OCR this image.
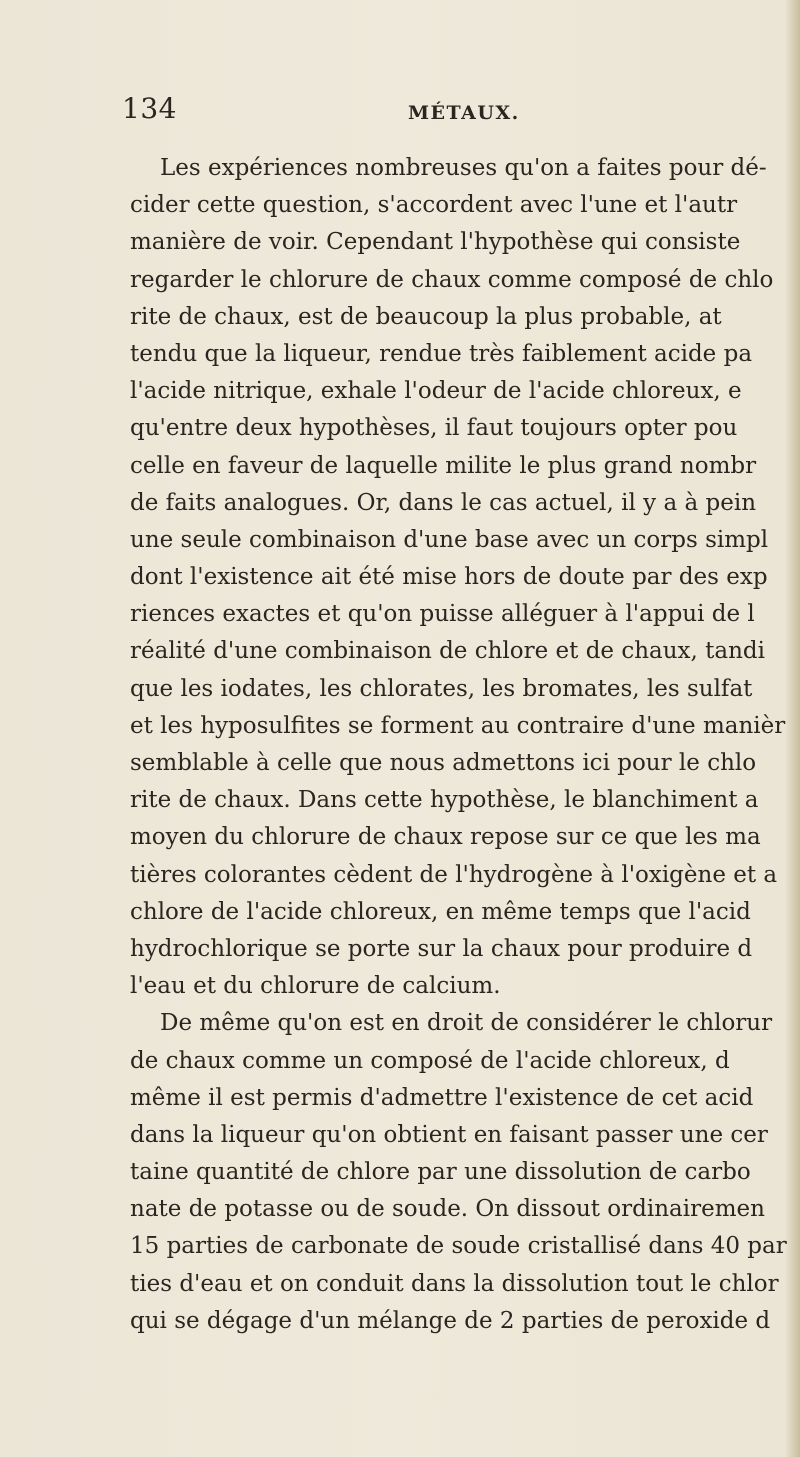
134	MÉTAUX.
Les expériences nombreuses qu'on a faites pour dé-
cider cette question, s'accordent avec l'une et l'autr
manière de voir. Cependant l'hypothèse qui consiste
regarder le chlorure de chaux comme composé de chlo
rite de chaux, est de beaucoup la plus probable, at
tendu que la liqueur, rendue très faiblement acide pa
l'acide nitrique, exhale l'odeur de l'acide chloreux, e
qu'entre deux hypothèses, il faut toujours opter pou
celle en faveur de laquelle milite le plus grand nombr
de faits analogues. Or, dans le cas actuel, il y a à pein
une seule combinaison d'une base avec un corps simpl
dont l'existence ait été mise hors de doute par des exp
riences exactes et qu'on puisse alléguer à l'appui de l
réalité d'une combinaison de chlore et de chaux, tandi
que les iodates, les chlorates, les bromates, les sulfat
et les hyposulfites se forment au contraire d'une manièr
semblable à celle que nous admettons ici pour le chlo
rite de chaux. Dans cette hypothèse, le blanchiment a
moyen du chlorure de chaux repose sur ce que les ma
tières colorantes cèdent de l'hydrogène à l'oxigène et a
chlore de l'acide chloreux, en même temps que l'acid
hydrochlorique se porte sur la chaux pour produire d
l'eau et du chlorure de calcium.
De même qu'on est en droit de considérer le chlorur
de chaux comme un composé de l'acide chloreux, d
même il est permis d'admettre l'existence de cet acid
dans la liqueur qu'on obtient en faisant passer une cer
taine quantité de chlore par une dissolution de carbo
nate de potasse ou de soude. On dissout ordinairemen
15 parties de carbonate de soude cristallisé dans 40 par
ties d'eau et on conduit dans la dissolution tout le chlor
qui se dégage d'un mélange de 2 parties de peroxide d
